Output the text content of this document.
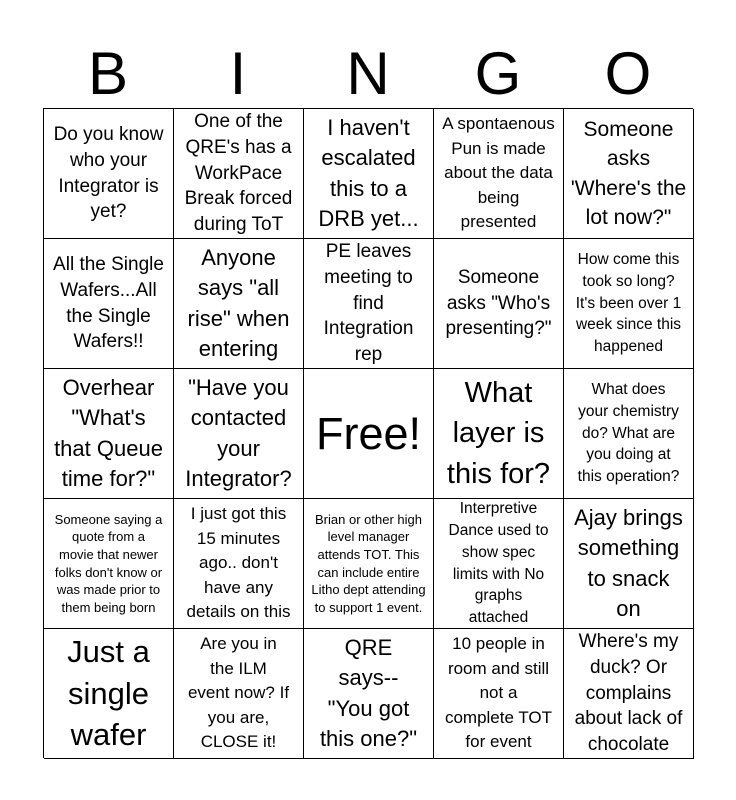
B	I	N	G	O
Do you know
who your
Integrator is
yet?
One of the
QRE's has a
WorkPace
Break forced
during ToT
I haven't
escalated
this to a
DRB yet...
A spontaenous
Pun is made
about the data
being
presented
Someone
asks
'Where's the
lot now?"
All the Single
Wafers...All
the Single
Wafers!!
Anyone
says "all
rise" when
entering
PE leaves
meeting to
find
Integration
rep
Someone
asks "Who's
presenting?"
How come this
took so long?
It's been over 1
week since this
happened
Overhear
"What's
that Queue
time for?"
"Have you
contacted
your
Integrator?
Free!
What
layer is
this for?
What does
your chemistry
do? What are
you doing at
this operation?
Someone saying a
quote from a
movie that newer
folks don't know or
was made prior to
them being born
I just got this
15 minutes
ago.. don't
have any
details on this
Brian or other high
level manager
attends TOT. This
can include entire
Litho dept attending
to support 1 event.
Interpretive
Dance used to
show spec
limits with No
graphs
attached
Ajay brings
something
to snack
on
Just a
single
wafer
Are you in
the ILM
event now? If
you are,
CLOSE it!
QRE
says--
"You got
this one?"
10 people in
room and still
not a
complete TOT
for event
Where's my
duck? Or
complains
about lack of
chocolate
